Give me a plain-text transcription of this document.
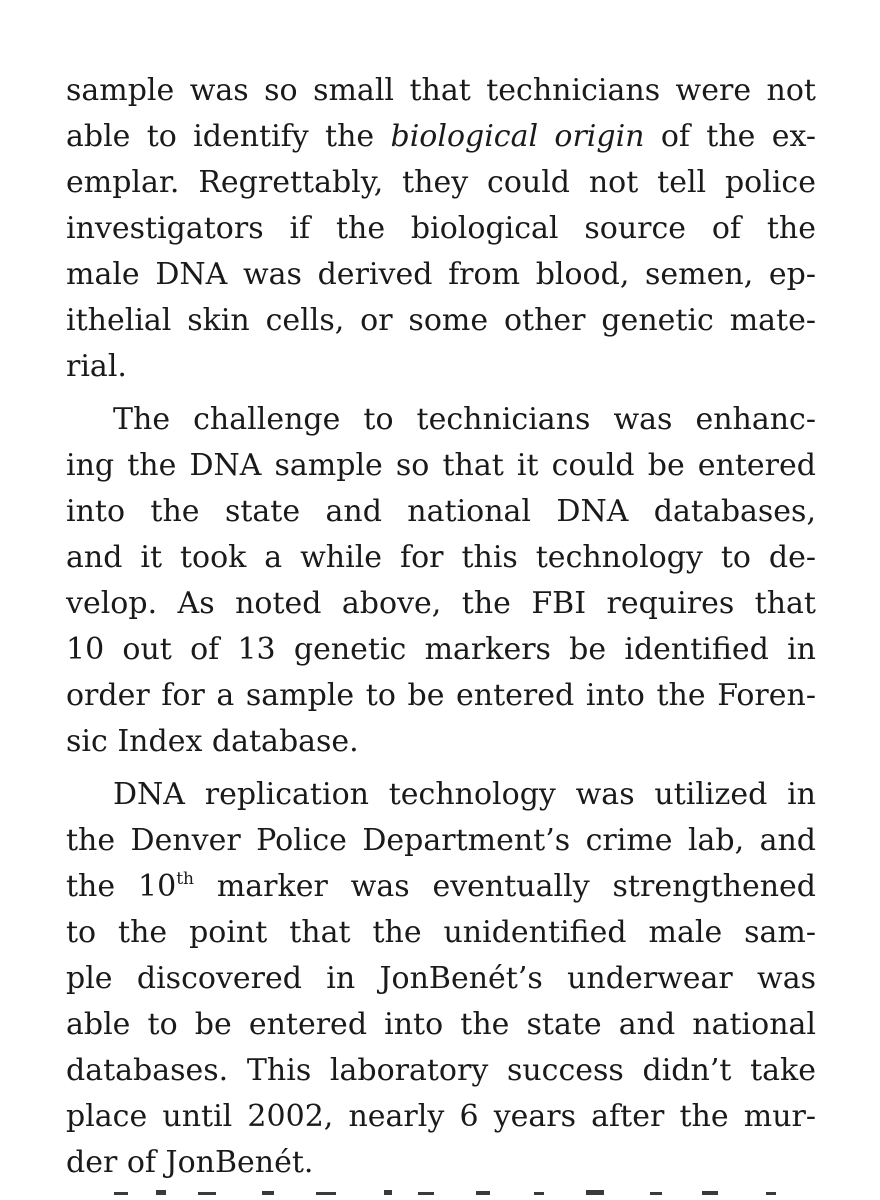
sample was so small that technicians were not
able to identify the biological origin of the ex-
emplar. Regrettably, they could not tell police
investigators if the biological source of the
male DNA was derived from blood, semen, ep-
ithelial skin cells, or some other genetic mate-
rial.
The challenge to technicians was enhanc-
ing the DNA sample so that it could be entered
into the state and national DNA databases,
and it took a while for this technology to de-
velop. As noted above, the FBI requires that
10 out of 13 genetic markers be identified in
order for a sample to be entered into the Foren-
sic Index database.
DNA replication technology was utilized in
the Denver Police Department’s crime lab, and
the 10th marker was eventually strengthened
to the point that the unidentified male sam-
ple discovered in JonBenét’s underwear was
able to be entered into the state and national
databases. This laboratory success didn’t take
place until 2002, nearly 6 years after the mur-
der of JonBenét.
